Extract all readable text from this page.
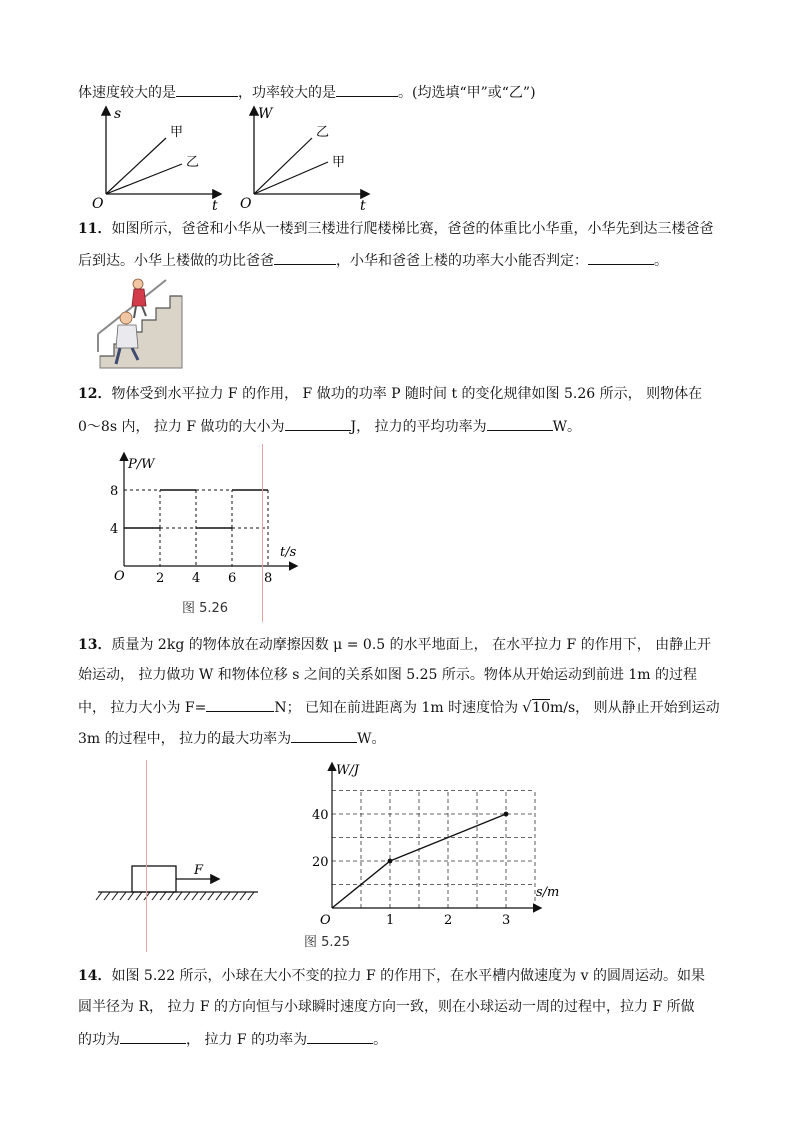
体速度较大的是	，功率较大的是	。(均选填“甲”或“乙”)
s
t
O
甲
乙
W
t
O
乙
甲
11．如图所示，爸爸和小华从一楼到三楼进行爬楼梯比赛，爸爸的体重比小华重，小华先到达三楼爸爸
后到达。小华上楼做的功比爸爸	，小华和爸爸上楼的功率大小能否判定：	。
12．物体受到水平拉力 F 的作用， F 做功的功率 P 随时间 t 的变化规律如图 5.26 所示， 则物体在
0～8s 内， 拉力 F 做功的大小为	J， 拉力的平均功率为	W。
P/W
t/s
O
4
8
2 4 6 8
图 5.26
13．质量为 2kg 的物体放在动摩擦因数 μ = 0.5 的水平地面上， 在水平拉力 F 的作用下， 由静止开
始运动， 拉力做功 W 和物体位移 s 之间的关系如图 5.25 所示。物体从开始运动到前进 1m 的过程
中， 拉力大小为 F=	N； 已知在前进距离为 1m 时速度恰为 √ 10m/s， 则从静止开始到运动
3m 的过程中， 拉力的最大功率为	W。
F
W/J
s/m
O	1	2	3
20
40
图 5.25
14．如图 5.22 所示，小球在大小不变的拉力 F 的作用下，在水平槽内做速度为 v 的圆周运动。如果
圆半径为 R， 拉力 F 的方向恒与小球瞬时速度方向一致，则在小球运动一周的过程中，拉力 F 所做
的功为	， 拉力 F 的功率为	。
